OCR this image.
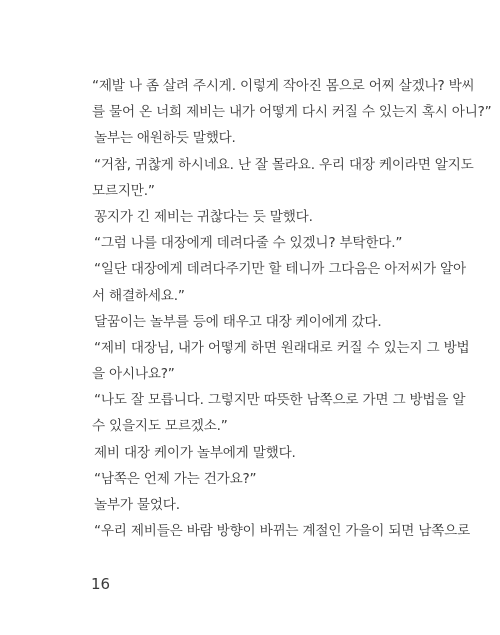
“제발 나 좀 살려 주시게. 이렇게 작아진 몸으로 어찌 살겠나? 박씨
를 물어 온 너희 제비는 내가 어떻게 다시 커질 수 있는지 혹시 아니?”
놀부는 애원하듯 말했다.
“거참, 귀찮게 하시네요. 난 잘 몰라요. 우리 대장 케이라면 알지도
모르지만.”
꽁지가 긴 제비는 귀찮다는 듯 말했다.
“그럼 나를 대장에게 데려다줄 수 있겠니? 부탁한다.”
“일단 대장에게 데려다주기만 할 테니까 그다음은 아저씨가 알아
서 해결하세요.”
달꿈이는 놀부를 등에 태우고 대장 케이에게 갔다.
“제비 대장님, 내가 어떻게 하면 원래대로 커질 수 있는지 그 방법
을 아시나요?”
“나도 잘 모릅니다. 그렇지만 따뜻한 남쪽으로 가면 그 방법을 알
수 있을지도 모르겠소.”
제비 대장 케이가 놀부에게 말했다.
“남쪽은 언제 가는 건가요?”
놀부가 물었다.
“우리 제비들은 바람 방향이 바뀌는 계절인 가을이 되면 남쪽으로
16
